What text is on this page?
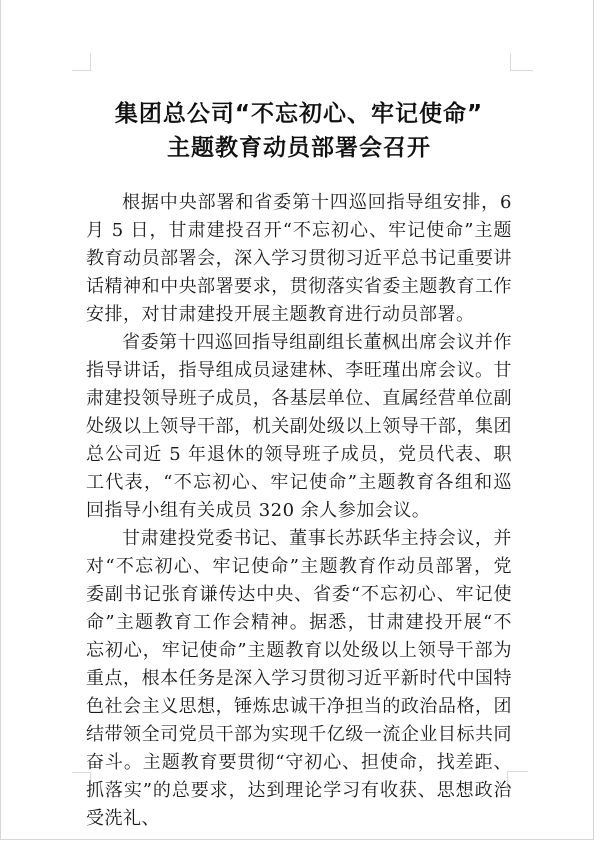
集团总公司“不忘初心、牢记使命”
主题教育动员部署会召开

根据中央部署和省委第十四巡回指导组安排，6 月 5 日，甘肃建投召开“不忘初心、牢记使命”主题教育动员部署会，深入学习贯彻习近平总书记重要讲话精神和中央部署要求，贯彻落实省委主题教育工作安排，对甘肃建投开展主题教育进行动员部署。

省委第十四巡回指导组副组长董枫出席会议并作指导讲话，指导组成员逯建林、李旺瑾出席会议。甘肃建投领导班子成员，各基层单位、直属经营单位副处级以上领导干部，机关副处级以上领导干部，集团总公司近 5 年退休的领导班子成员，党员代表、职工代表，“不忘初心、牢记使命”主题教育各组和巡回指导小组有关成员 320 余人参加会议。

甘肃建投党委书记、董事长苏跃华主持会议，并对“不忘初心、牢记使命”主题教育作动员部署，党委副书记张育谦传达中央、省委“不忘初心、牢记使命”主题教育工作会精神。据悉，甘肃建投开展“不忘初心，牢记使命”主题教育以处级以上领导干部为重点，根本任务是深入学习贯彻习近平新时代中国特色社会主义思想，锤炼忠诚干净担当的政治品格，团结带领全司党员干部为实现千亿级一流企业目标共同奋斗。主题教育要贯彻“守初心、担使命，找差距、抓落实”的总要求，达到理论学习有收获、思想政治受洗礼、
